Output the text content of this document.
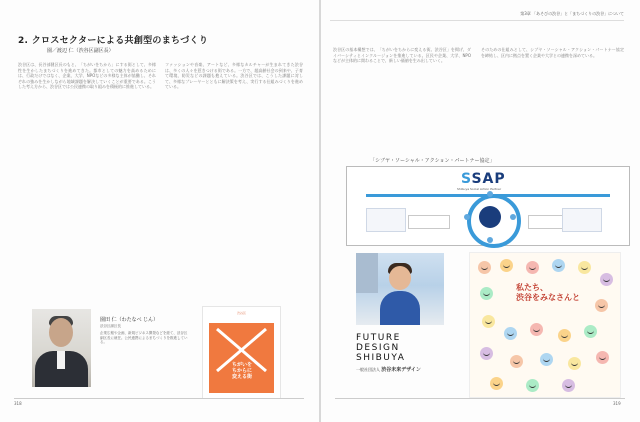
2. クロスセクターによる共創型のまちづくり
園／渡辺 仁（渋谷区副区長）
渋谷区は、長谷部健区長のもと、「ちがいをちから」にする街として、多様性を生かしたまちづくりを進めてきた。都市としての魅力を高めるためには、行政だけではなく、企業、大学、NPOなどの多様な主体が協働し、それぞれの強みを生かしながら地域課題を解決していくことが重要である。こうした考え方から、渋谷区では公民連携の取り組みを積極的に推進している。
ファッションや音楽、アートなど、多様なカルチャーが生まれてきた渋谷は、多くの人々を惹きつける街である。一方で、超高齢社会の到来や、子育て環境、防災などの課題も抱えている。渋谷区では、こうした課題に対して、多様なプレーヤーとともに解決策を考え、実行する仕組みづくりを進めている。
園田 仁（わたなべ じん）
渋谷区副区長
企業広報や企画、新規ビジネス開発などを経て、渋谷区副区長に就任。公民連携によるまちづくりを推進している。
渋谷区
ちがいを
ちからに
変える街
318
第3章 「あそびの渋谷」と「まちづくりの渋谷」について
渋谷区の基本構想では、「ちがいをちからに変える街。渋谷区」を掲げ、ダイバーシティとインクルージョンを推進している。区民や企業、大学、NPOなどが主体的に関わることで、新しい価値を生み出していく。
そのための仕組みとして、シブヤ・ソーシャル・アクション・パートナー協定を締結し、区内に拠点を置く企業や大学との連携を深めている。
「シブヤ・ソーシャル・アクション・パートナー協定」
SSAP
Shibuya Social Action Partner
FUTURE
DESIGN
SHIBUYA
一般社団法人 渋谷未来デザイン
私たち、
渋谷をみなさんと
319
